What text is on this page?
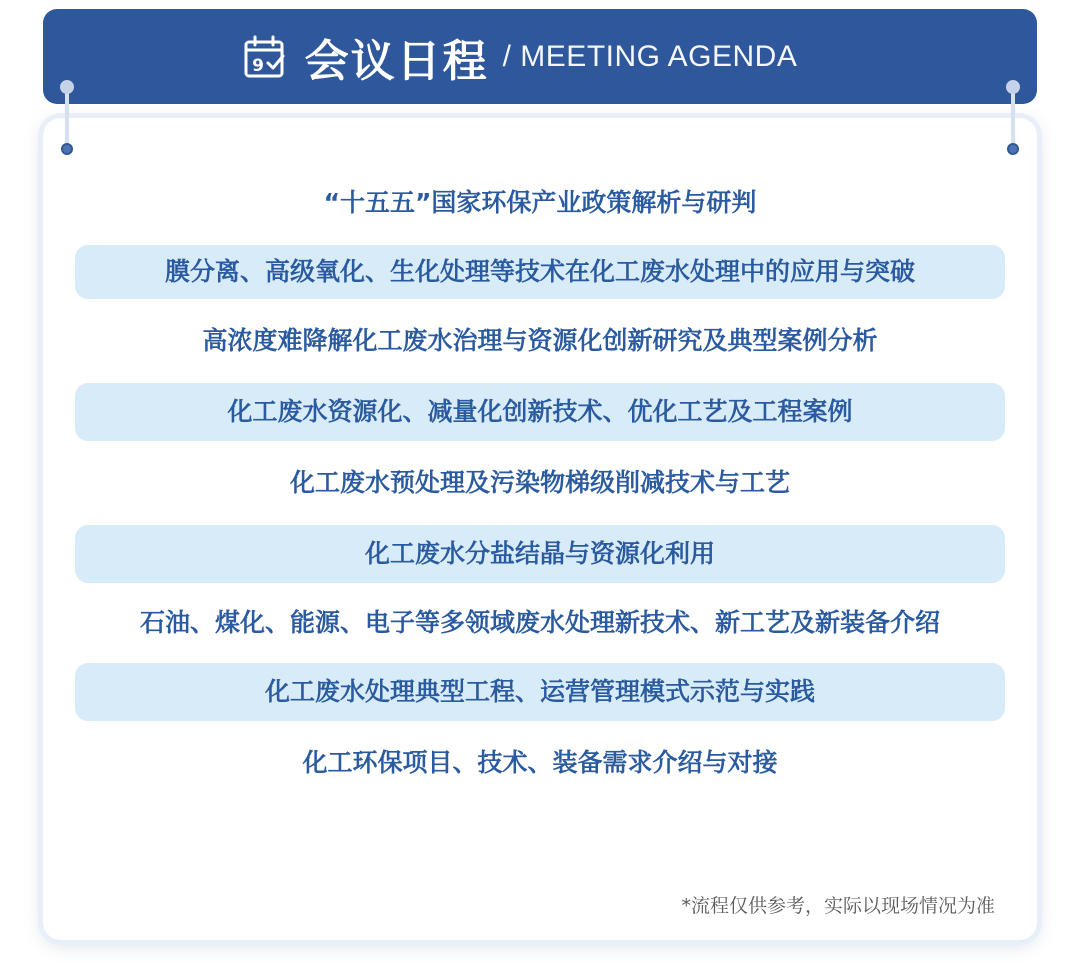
9 会议日程 / MEETING AGENDA
“十五五”国家环保产业政策解析与研判
膜分离、高级氧化、生化处理等技术在化工废水处理中的应用与突破
高浓度难降解化工废水治理与资源化创新研究及典型案例分析
化工废水资源化、减量化创新技术、优化工艺及工程案例
化工废水预处理及污染物梯级削减技术与工艺
化工废水分盐结晶与资源化利用
石油、煤化、能源、电子等多领域废水处理新技术、新工艺及新装备介绍
化工废水处理典型工程、运营管理模式示范与实践
化工环保项目、技术、装备需求介绍与对接
*流程仅供参考，实际以现场情况为准
